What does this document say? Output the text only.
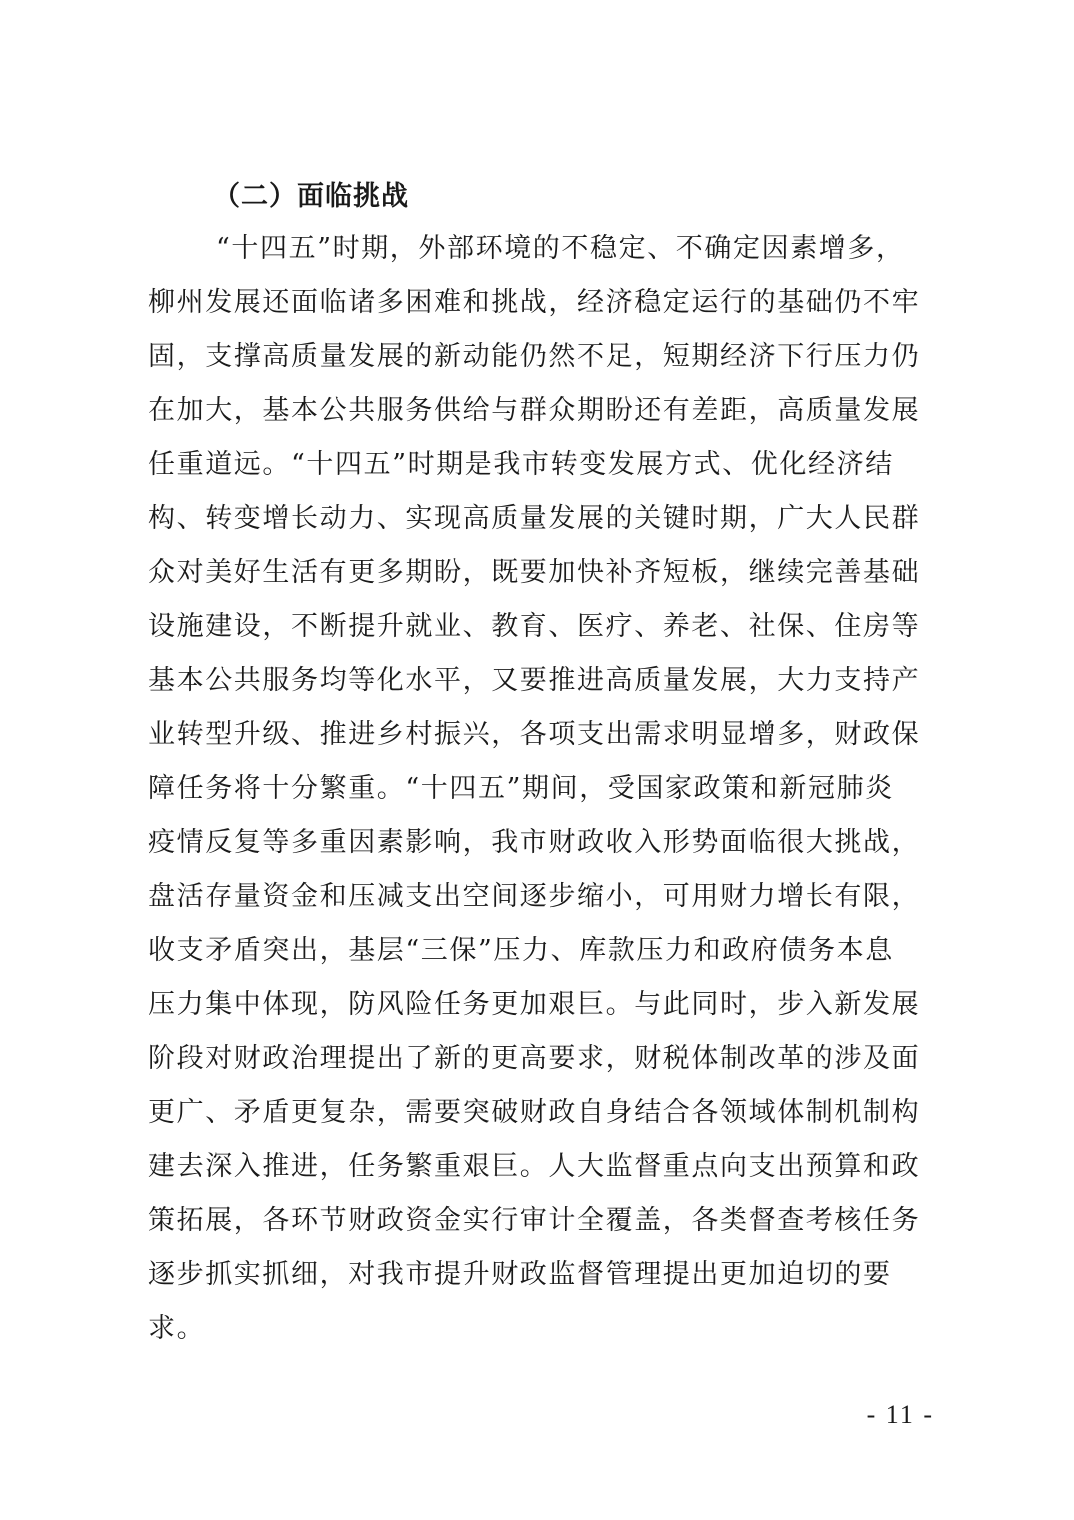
（二）面临挑战
“十四五”时期，外部环境的不稳定、不确定因素增多，
柳州发展还面临诸多困难和挑战，经济稳定运行的基础仍不牢
固，支撑高质量发展的新动能仍然不足，短期经济下行压力仍
在加大，基本公共服务供给与群众期盼还有差距，高质量发展
任重道远。“十四五”时期是我市转变发展方式、优化经济结
构、转变增长动力、实现高质量发展的关键时期，广大人民群
众对美好生活有更多期盼，既要加快补齐短板，继续完善基础
设施建设，不断提升就业、教育、医疗、养老、社保、住房等
基本公共服务均等化水平，又要推进高质量发展，大力支持产
业转型升级、推进乡村振兴，各项支出需求明显增多，财政保
障任务将十分繁重。“十四五”期间，受国家政策和新冠肺炎
疫情反复等多重因素影响，我市财政收入形势面临很大挑战，
盘活存量资金和压减支出空间逐步缩小，可用财力增长有限，
收支矛盾突出，基层“三保”压力、库款压力和政府债务本息
压力集中体现，防风险任务更加艰巨。与此同时，步入新发展
阶段对财政治理提出了新的更高要求，财税体制改革的涉及面
更广、矛盾更复杂，需要突破财政自身结合各领域体制机制构
建去深入推进，任务繁重艰巨。人大监督重点向支出预算和政
策拓展，各环节财政资金实行审计全覆盖，各类督查考核任务
逐步抓实抓细，对我市提升财政监督管理提出更加迫切的要
求。
- 11 -
